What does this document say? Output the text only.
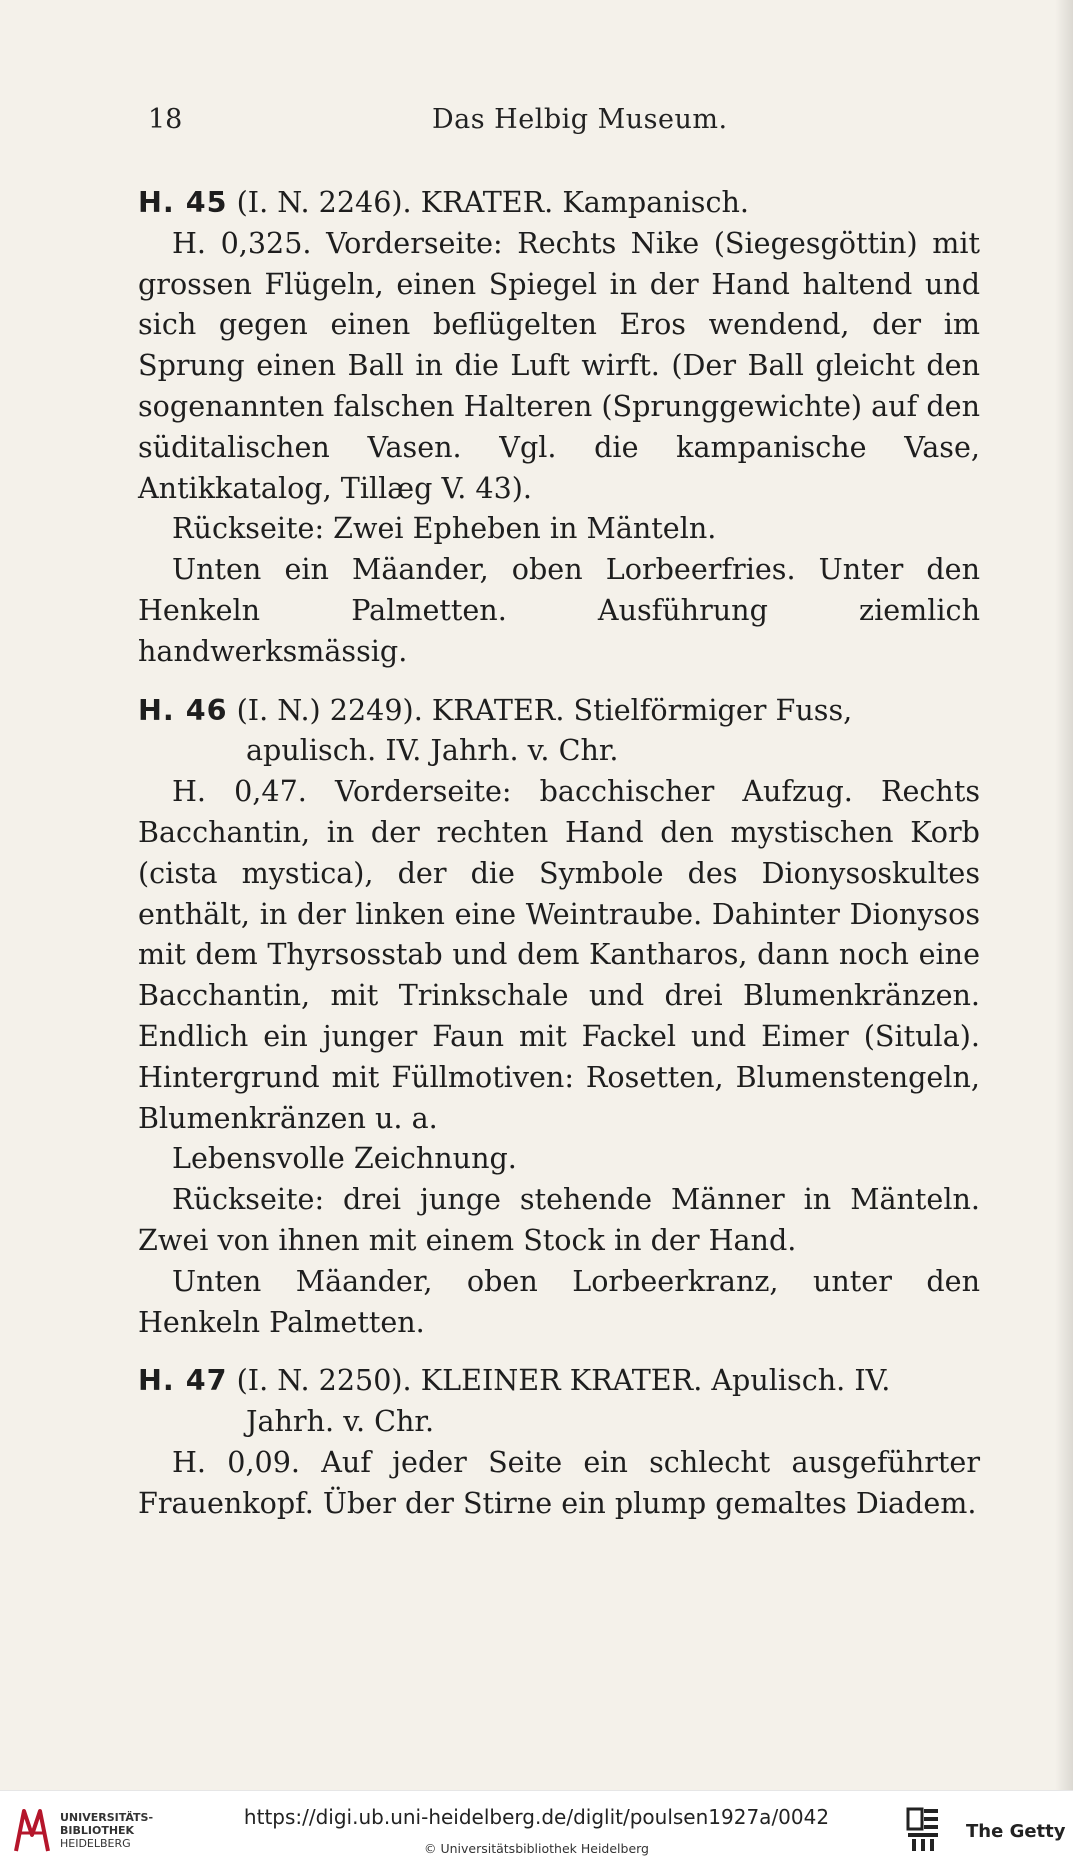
18	Das Helbig Museum.

H. 45 (I. N. 2246). KRATER. Kampanisch.

H. 0,325. Vorderseite: Rechts Nike (Siegesgöttin) mit grossen Flügeln, einen Spiegel in der Hand haltend und sich gegen einen beflügelten Eros wendend, der im Sprung einen Ball in die Luft wirft. (Der Ball gleicht den sogenannten falschen Halteren (Sprunggewichte) auf den süditalischen Vasen. Vgl. die kampanische Vase, Antikkatalog, Tillæg V. 43).

Rückseite: Zwei Epheben in Mänteln.

Unten ein Mäander, oben Lorbeerfries. Unter den Henkeln Palmetten. Ausführung ziemlich handwerksmässig.

H. 46 (I. N.) 2249). KRATER. Stielförmiger Fuss, apulisch. IV. Jahrh. v. Chr.

H. 0,47. Vorderseite: bacchischer Aufzug. Rechts Bacchantin, in der rechten Hand den mystischen Korb (cista mystica), der die Symbole des Dionysoskultes enthält, in der linken eine Weintraube. Dahinter Dionysos mit dem Thyrsosstab und dem Kantharos, dann noch eine Bacchantin, mit Trinkschale und drei Blumenkränzen. Endlich ein junger Faun mit Fackel und Eimer (Situla). Hintergrund mit Füllmotiven: Rosetten, Blumenstengeln, Blumenkränzen u. a.

Lebensvolle Zeichnung.

Rückseite: drei junge stehende Männer in Mänteln. Zwei von ihnen mit einem Stock in der Hand.

Unten Mäander, oben Lorbeerkranz, unter den Henkeln Palmetten.

H. 47 (I. N. 2250). KLEINER KRATER. Apulisch. IV. Jahrh. v. Chr.

H. 0,09. Auf jeder Seite ein schlecht ausgeführter Frauenkopf. Über der Stirne ein plump gemaltes Diadem.

UNIVERSITÄTS-
BIBLIOTHEK
HEIDELBERG
https://digi.ub.uni-heidelberg.de/diglit/poulsen1927a/0042
© Universitätsbibliothek Heidelberg
The Getty
